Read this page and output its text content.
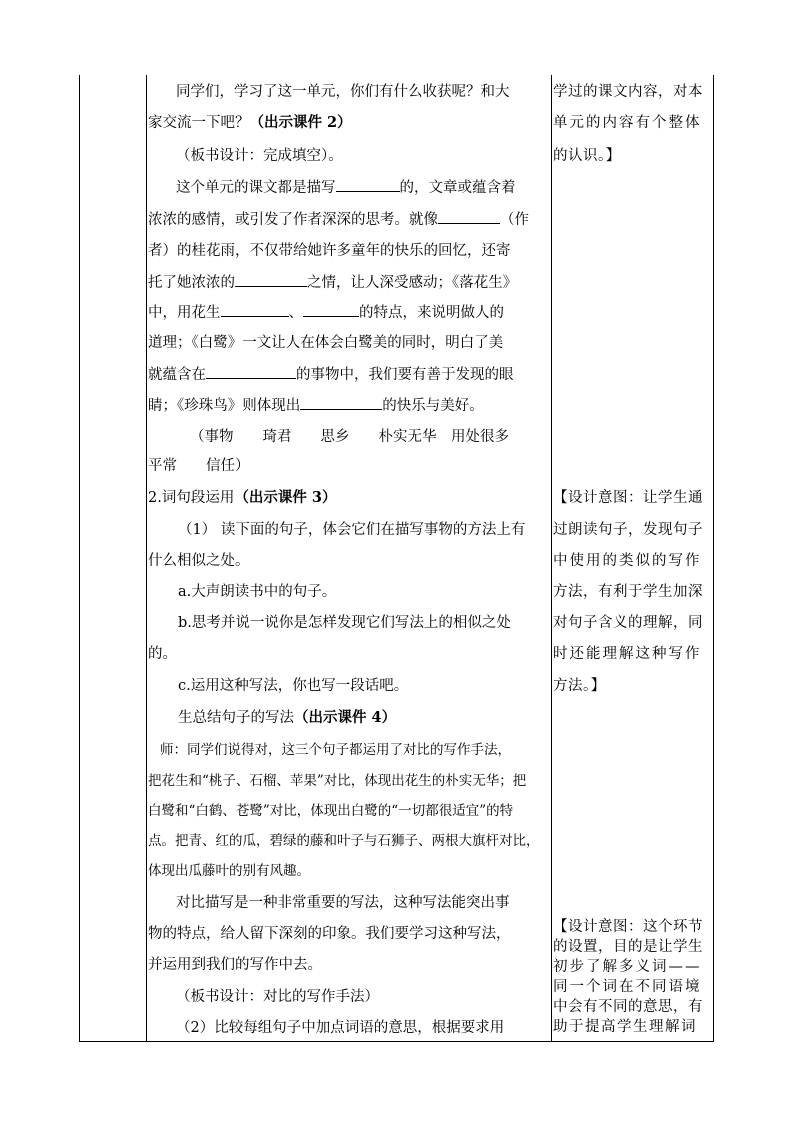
同学们，学习了这一单元，你们有什么收获呢？和大
家交流一下吧？（出示课件 2）
（板书设计：完成填空）。
这个单元的课文都是描写	的，文章或蕴含着
浓浓的感情，或引发了作者深深的思考。就像	（作
者）的桂花雨，不仅带给她许多童年的快乐的回忆，还寄
托了她浓浓的	之情，让人深受感动；《落花生》
中，用花生	、	的特点，来说明做人的
道理；《白鹭》一文让人在体会白鹭美的同时，明白了美
就蕴含在	的事物中，我们要有善于发现的眼
睛；《珍珠鸟》则体现出	的快乐与美好。
（事物　　琦君　　思乡　　朴实无华　用处很多
平常　　信任）
2.词句段运用（出示课件 3）
（1） 读下面的句子，体会它们在描写事物的方法上有
什么相似之处。
a.大声朗读书中的句子。
b.思考并说一说你是怎样发现它们写法上的相似之处
的。
c.运用这种写法，你也写一段话吧。
生总结句子的写法（出示课件 4）
师：同学们说得对，这三个句子都运用了对比的写作手法，
把花生和“桃子、石榴、苹果”对比，体现出花生的朴实无华；把
白鹭和“白鹤、苍鹭”对比，体现出白鹭的“一切都很适宜”的特
点。把青、红的瓜，碧绿的藤和叶子与石狮子、两根大旗杆对比，
体现出瓜藤叶的别有风趣。
对比描写是一种非常重要的写法，这种写法能突出事
物的特点，给人留下深刻的印象。我们要学习这种写法，
并运用到我们的写作中去。
（板书设计：对比的写作手法）
（2）比较每组句子中加点词语的意思，根据要求用
学过的课文内容，对本
单元的内容有个整体
的认识。】
【设计意图：让学生通
过朗读句子，发现句子
中使用的类似的写作
方法，有利于学生加深
对句子含义的理解，同
时还能理解这种写作
方法。】
【设计意图：这个环节
的设置，目的是让学生
初步了解多义词——
同一个词在不同语境
中会有不同的意思，有
助于提高学生理解词
